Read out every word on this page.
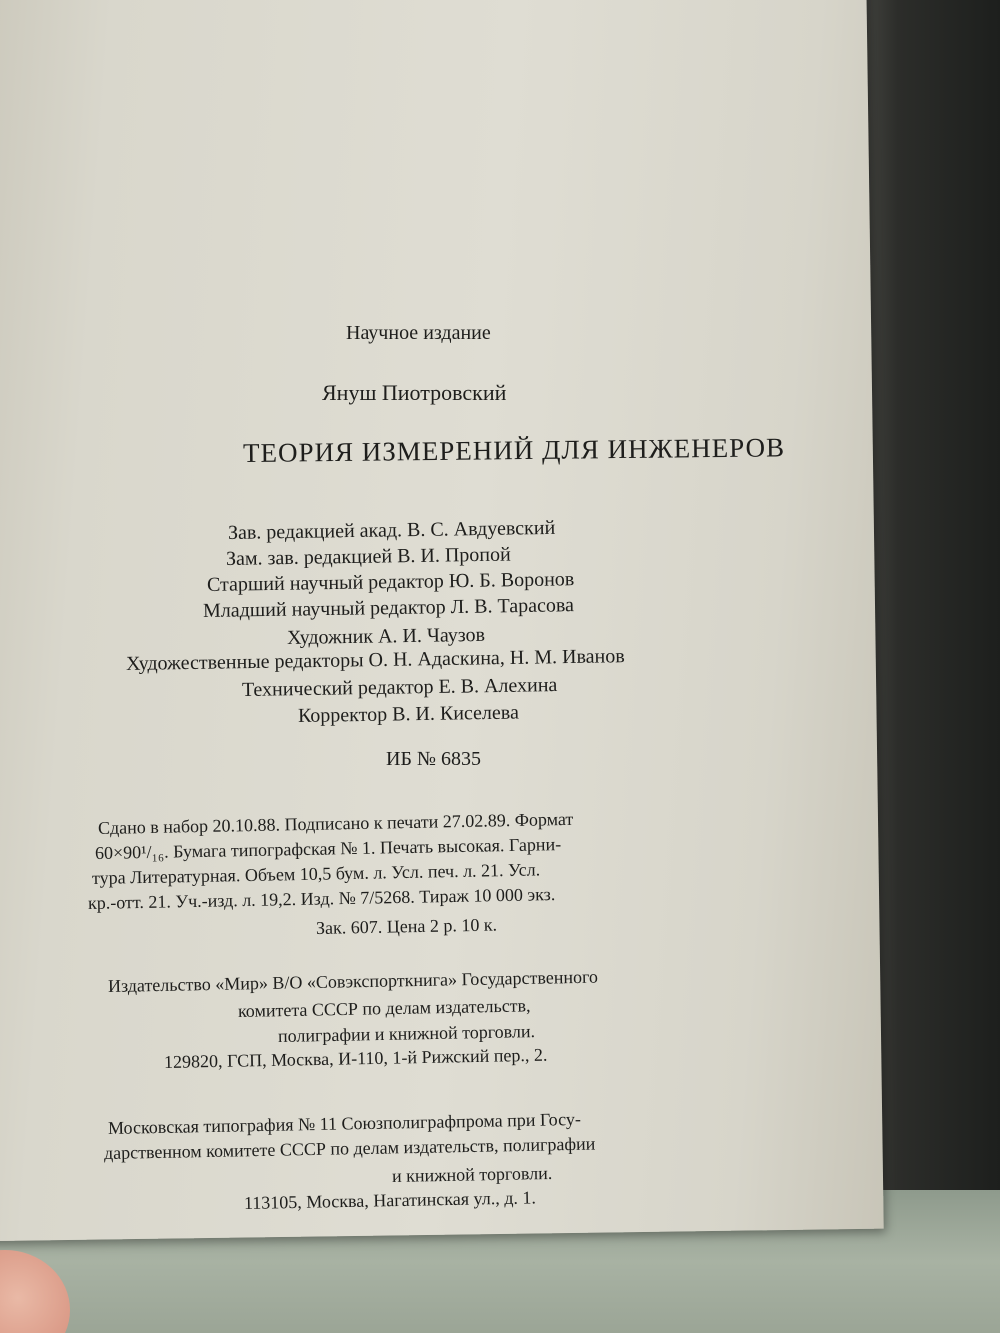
Научное издание
Януш Пиотровский
ТЕОРИЯ ИЗМЕРЕНИЙ ДЛЯ ИНЖЕНЕРОВ
Зав. редакцией акад. В. С. Авдуевский
Зам. зав. редакцией В. И. Пропой
Старший научный редактор Ю. Б. Воронов
Младший научный редактор Л. В. Тарасова
Художник А. И. Чаузов
Художественные редакторы О. Н. Адаскина, Н. М. Иванов
Технический редактор Е. В. Алехина
Корректор В. И. Киселева
ИБ № 6835
Сдано в набор 20.10.88. Подписано к печати 27.02.89. Формат
60×90¹/₁₆. Бумага типографская № 1. Печать высокая. Гарни-
тура Литературная. Объем 10,5 бум. л. Усл. печ. л. 21. Усл.
кр.-отт. 21. Уч.-изд. л. 19,2. Изд. № 7/5268. Тираж 10 000 экз.
Зак. 607. Цена 2 р. 10 к.
Издательство «Мир» В/О «Совэкспорткнига» Государственного
комитета СССР по делам издательств,
полиграфии и книжной торговли.
129820, ГСП, Москва, И-110, 1-й Рижский пер., 2.
Московская типография № 11 Союзполиграфпрома при Госу-
дарственном комитете СССР по делам издательств, полиграфии
и книжной торговли.
113105, Москва, Нагатинская ул., д. 1.
